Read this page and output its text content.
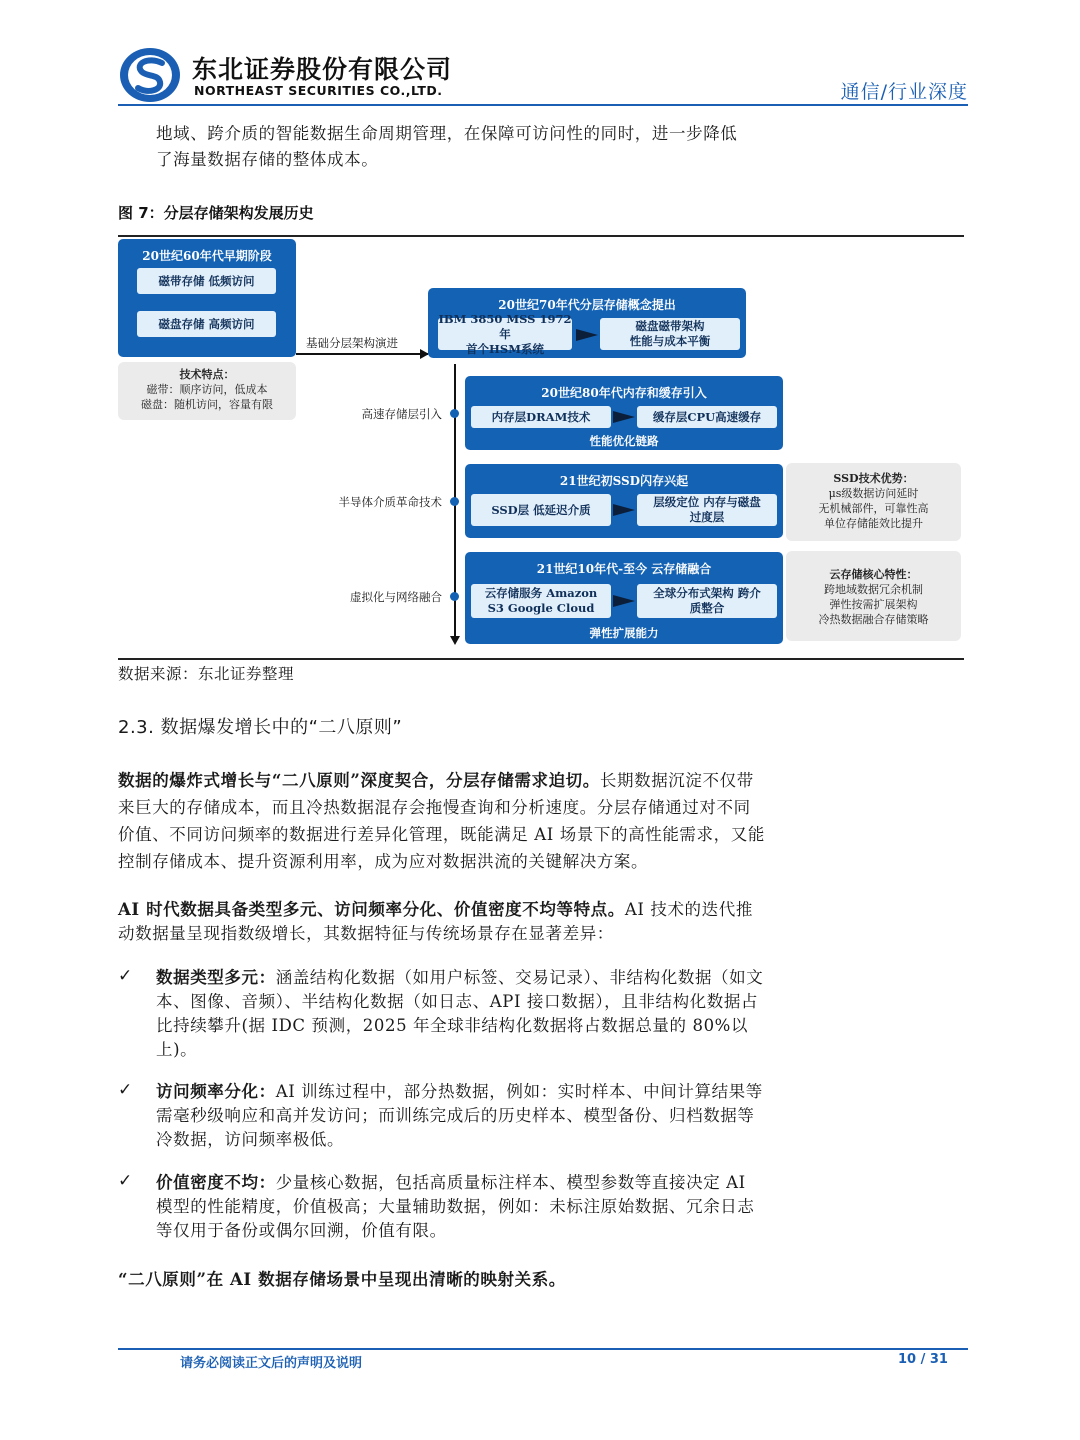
东北证券股份有限公司
NORTHEAST SECURITIES CO.,LTD.	通信/行业深度
地域、跨介质的智能数据生命周期管理，在保障可访问性的同时，进一步降低
了海量数据存储的整体成本。
图 7：分层存储架构发展历史
20世纪60年代早期阶段
磁带存储 低频访问
磁盘存储 高频访问
技术特点：
磁带：顺序访问，低成本
磁盘：随机访问，容量有限
基础分层架构演进
20世纪70年代分层存储概念提出
IBM 3850 MSS 1972年
首个HSM系统
磁盘磁带架构
性能与成本平衡
高速存储层引入
半导体介质革命技术
虚拟化与网络融合
20世纪80年代内存和缓存引入
内存层DRAM技术	缓存层CPU高速缓存
性能优化链路
21世纪初SSD闪存兴起
SSD层 低延迟介质
层级定位 内存与磁盘
过度层
SSD技术优势：
μs级数据访问延时
无机械部件，可靠性高
单位存储能效比提升
21世纪10年代-至今 云存储融合
云存储服务 Amazon
S3 Google Cloud
全球分布式架构 跨介
质整合
弹性扩展能力
云存储核心特性：
跨地域数据冗余机制
弹性按需扩展架构
冷热数据融合存储策略
数据来源：东北证券整理
2.3. 数据爆发增长中的“二八原则”
数据的爆炸式增长与“二八原则”深度契合，分层存储需求迫切。长期数据沉淀不仅带来巨大的存储成本，而且冷热数据混存会拖慢查询和分析速度。分层存储通过对不同价值、不同访问频率的数据进行差异化管理，既能满足 AI 场景下的高性能需求，又能控制存储成本、提升资源利用率，成为应对数据洪流的关键解决方案。
AI 时代数据具备类型多元、访问频率分化、价值密度不均等特点。AI 技术的迭代推动数据量呈现指数级增长，其数据特征与传统场景存在显著差异：
✓ 数据类型多元：涵盖结构化数据（如用户标签、交易记录）、非结构化数据（如文本、图像、音频）、半结构化数据（如日志、API 接口数据），且非结构化数据占比持续攀升(据 IDC 预测，2025 年全球非结构化数据将占数据总量的 80%以上)。
✓ 访问频率分化：AI 训练过程中，部分热数据，例如：实时样本、中间计算结果等需毫秒级响应和高并发访问；而训练完成后的历史样本、模型备份、归档数据等冷数据，访问频率极低。
✓ 价值密度不均：少量核心数据，包括高质量标注样本、模型参数等直接决定 AI 模型的性能精度，价值极高；大量辅助数据，例如：未标注原始数据、冗余日志等仅用于备份或偶尔回溯，价值有限。
“二八原则”在 AI 数据存储场景中呈现出清晰的映射关系。
请务必阅读正文后的声明及说明	10 / 31
